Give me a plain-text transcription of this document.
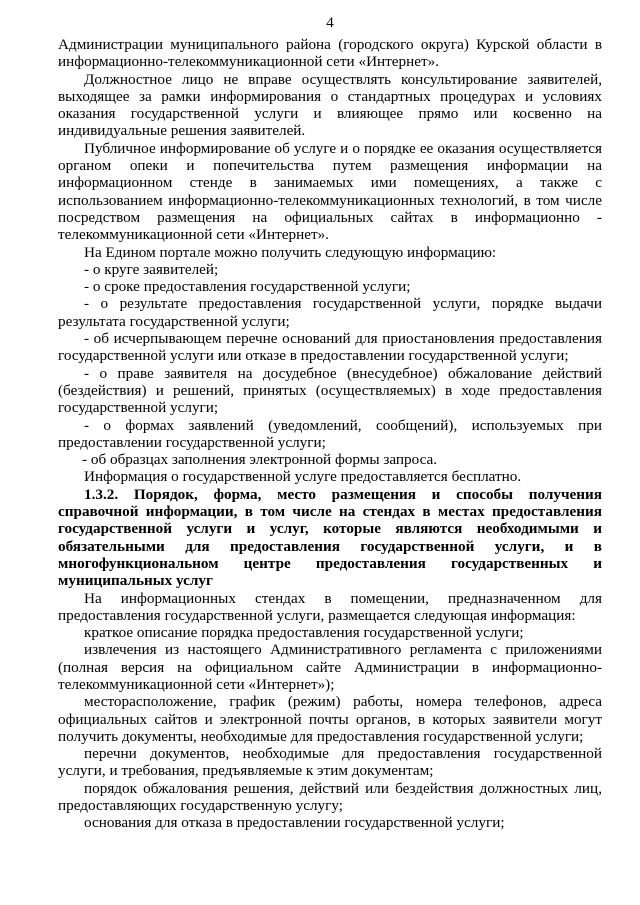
4

Администрации муниципального района (городского округа) Курской области в информационно-телекоммуникационной сети «Интернет».

Должностное лицо не вправе осуществлять консультирование заявителей, выходящее за рамки информирования о стандартных процедурах и условиях оказания государственной услуги и влияющее прямо или косвенно на индивидуальные решения заявителей.

Публичное информирование об услуге и о порядке ее оказания осуществляется органом опеки и попечительства путем размещения информации на информационном стенде в занимаемых ими помещениях, а также с использованием информационно-телекоммуникационных технологий, в том числе посредством размещения на официальных сайтах в информационно - телекоммуникационной сети «Интернет».

На Едином портале можно получить следующую информацию:

- о круге заявителей;

- о сроке предоставления государственной услуги;

- о результате предоставления государственной услуги, порядке выдачи результата государственной услуги;

- об исчерпывающем перечне оснований для приостановления предоставления государственной услуги или отказе в предоставлении государственной услуги;

- о праве заявителя на досудебное (внесудебное) обжалование действий (бездействия) и решений, принятых (осуществляемых) в ходе предоставления государственной услуги;

- о формах заявлений (уведомлений, сообщений), используемых при предоставлении государственной услуги;

- об образцах заполнения электронной формы запроса.

Информация о государственной услуге предоставляется бесплатно.

1.3.2. Порядок, форма, место размещения и способы получения справочной информации, в том числе на стендах в местах предоставления государственной услуги и услуг, которые являются необходимыми и обязательными для предоставления государственной услуги, и в многофункциональном центре предоставления государственных и муниципальных услуг

На информационных стендах в помещении, предназначенном для предоставления государственной услуги, размещается следующая информация:

краткое описание порядка предоставления государственной услуги;

извлечения из настоящего Административного регламента с приложениями (полная версия на официальном сайте Администрации в информационно-телекоммуникационной сети «Интернет»);

месторасположение, график (режим) работы, номера телефонов, адреса официальных сайтов и электронной почты органов, в которых заявители могут получить документы, необходимые для предоставления государственной услуги;

перечни документов, необходимые для предоставления государственной услуги, и требования, предъявляемые к этим документам;

порядок обжалования решения, действий или бездействия должностных лиц, предоставляющих государственную услугу;

основания для отказа в предоставлении государственной услуги;
